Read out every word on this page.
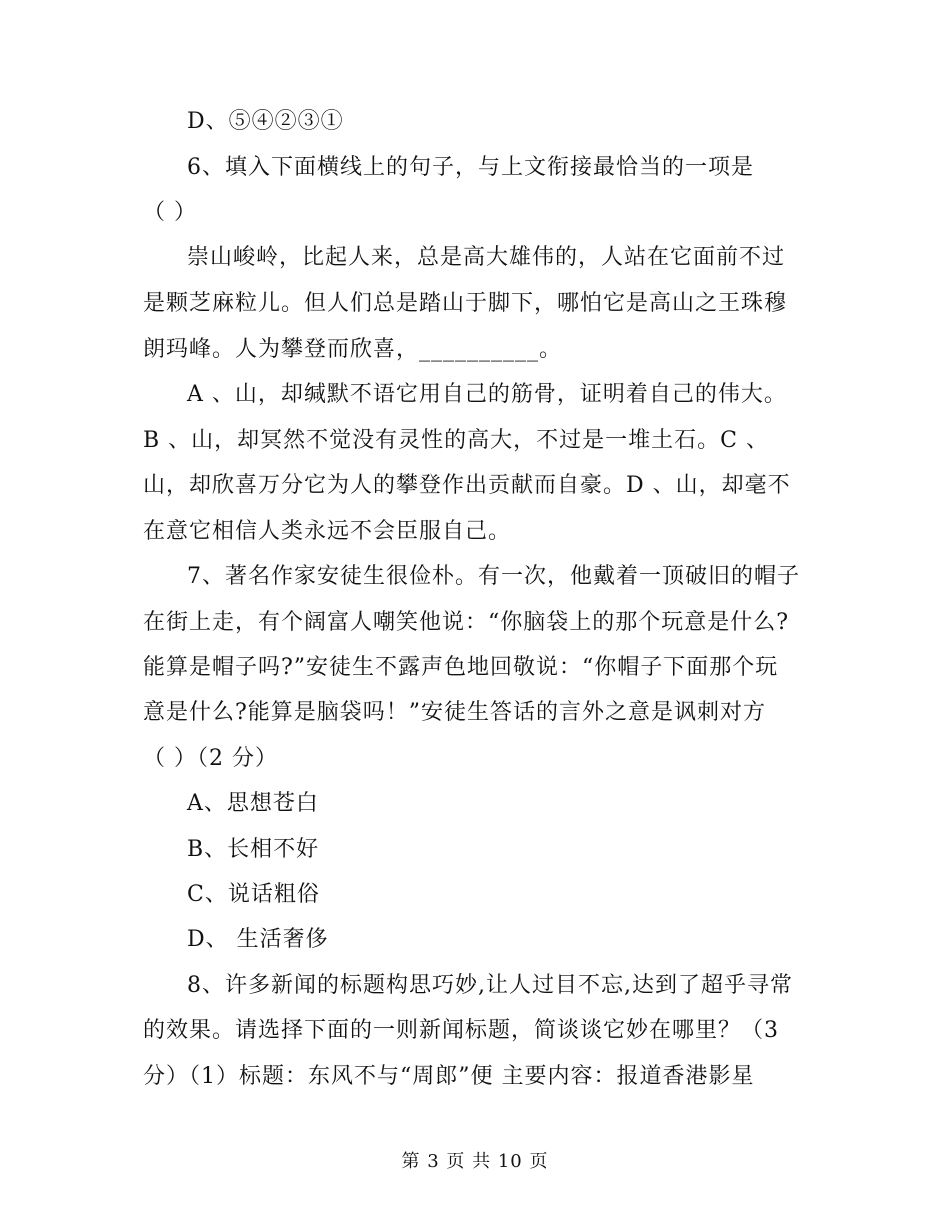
D、⑤④②③①
6、填入下面横线上的句子，与上文衔接最恰当的一项是
（ ）
崇山峻岭，比起人来，总是高大雄伟的，人站在它面前不过
是颗芝麻粒儿。但人们总是踏山于脚下，哪怕它是高山之王珠穆
朗玛峰。人为攀登而欣喜，__________。
A 、山，却缄默不语它用自己的筋骨，证明着自己的伟大。
B 、山，却冥然不觉没有灵性的高大，不过是一堆土石。C 、
山，却欣喜万分它为人的攀登作出贡献而自豪。D 、山，却毫不
在意它相信人类永远不会臣服自己。
7、著名作家安徒生很俭朴。有一次，他戴着一顶破旧的帽子
在街上走，有个阔富人嘲笑他说：“你脑袋上的那个玩意是什么?
能算是帽子吗?”安徒生不露声色地回敬说：“你帽子下面那个玩
意是什么?能算是脑袋吗！”安徒生答话的言外之意是讽刺对方
（ ）（2 分）
A、思想苍白
B、长相不好
C、说话粗俗
D、 生活奢侈
8、许多新闻的标题构思巧妙,让人过目不忘,达到了超乎寻常
的效果。请选择下面的一则新闻标题，简谈谈它妙在哪里？（3
分）（1）标题：东风不与“周郎”便 主要内容：报道香港影星
第 3 页 共 10 页
